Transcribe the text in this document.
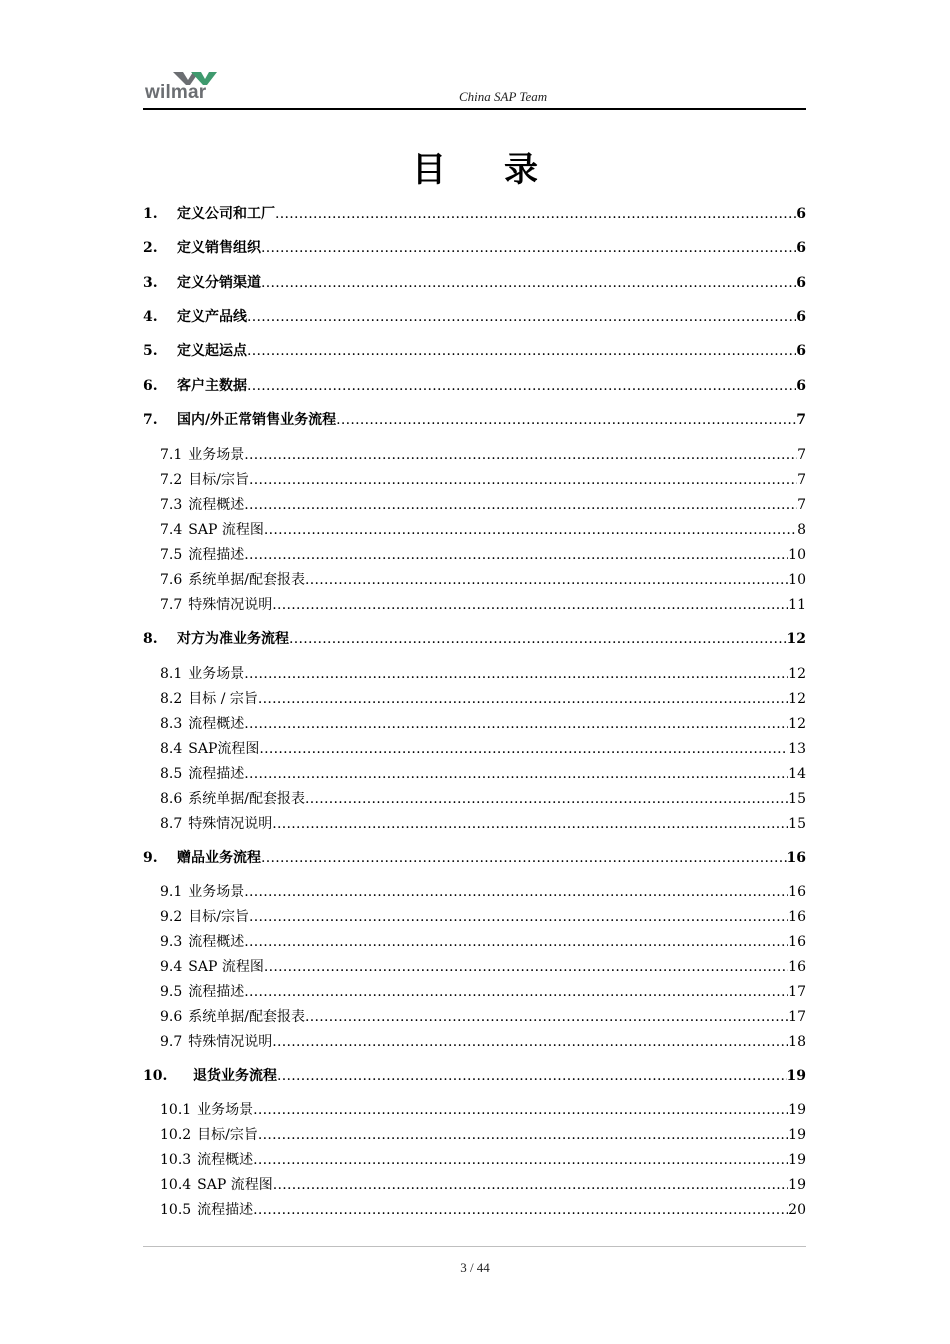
wilmar	China SAP Team
目 录
1.	定义公司和工厂 .....	6
2.	定义销售组织 .....	6
3.	定义分销渠道 .....	6
4.	定义产品线 .....	6
5.	定义起运点 .....	6
6.	客户主数据 .....	6
7.	国内/外正常销售业务流程 .....	7
7.1 业务场景 .....	7
7.2 目标/宗旨 .....	7
7.3 流程概述 .....	7
7.4 SAP 流程图 .....	8
7.5 流程描述 .....	10
7.6 系统单据/配套报表 .....	10
7.7 特殊情况说明 .....	11
8.	对方为准业务流程 .....	12
8.1 业务场景 .....	12
8.2 目标 / 宗旨 .....	12
8.3 流程概述 .....	12
8.4 SAP流程图 .....	13
8.5 流程描述 .....	14
8.6 系统单据/配套报表 .....	15
8.7 特殊情况说明 .....	15
9.	赠品业务流程 .....	16
9.1 业务场景 .....	16
9.2 目标/宗旨 .....	16
9.3 流程概述 .....	16
9.4 SAP 流程图 .....	16
9.5 流程描述 .....	17
9.6 系统单据/配套报表 .....	17
9.7 特殊情况说明 .....	18
10.	退货业务流程 .....	19
10.1 业务场景 .....	19
10.2 目标/宗旨 .....	19
10.3 流程概述 .....	19
10.4 SAP 流程图 .....	19
10.5 流程描述 .....	20
3 / 44
